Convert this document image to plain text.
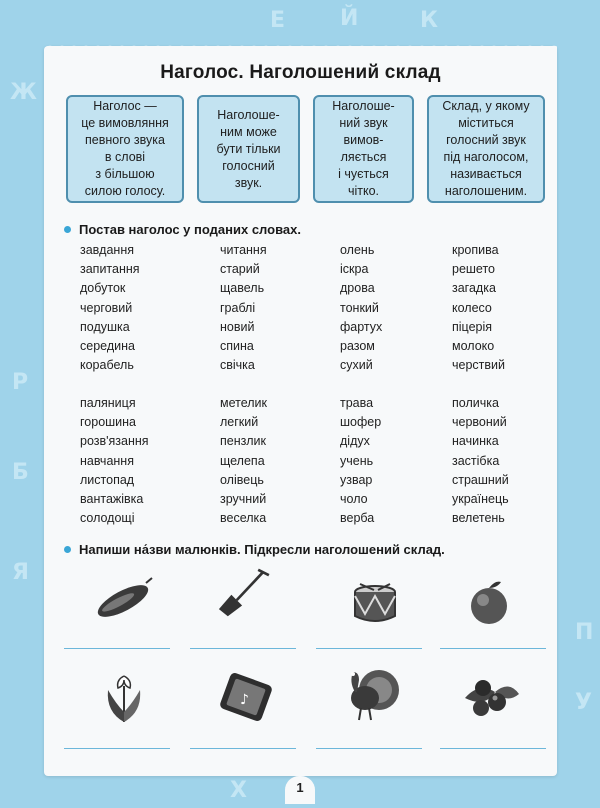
Е Й	К
Ж
Р
Б
Я
П
У
Х
Наголос. Наголошений склад
Наголос —
це вимовляння
певного звука
в слові
з більшою
силою голосу.
Наголоше-
ним може
бути тільки
голосний
звук.
Наголоше-
ний звук
вимов-
ляється
і чується
чітко.
Склад, у якому
міститься
голосний звук
під наголосом,
називається
наголошеним.
Постав наголос у поданих словах.
завдання
запитання
добуток
черговий
подушка
середина
корабель
читання
старий
щавель
граблі
новий
спина
свічка
олень
іскра
дрова
тонкий
фартух
разом
сухий
кропива
решето
загадка
колесо
піцерія
молоко
черствий
паляниця
горошина
розв'язання
навчання
листопад
вантажівка
солодощі
метелик
легкий
пензлик
щелепа
олівець
зручний
веселка
трава
шофер
дідух
учень
узвар
чоло
верба
поличка
червоний
начинка
застібка
страшний
українець
велетень
Напиши на́зви малюнків. Підкресли наголошений склад.
♪
1
